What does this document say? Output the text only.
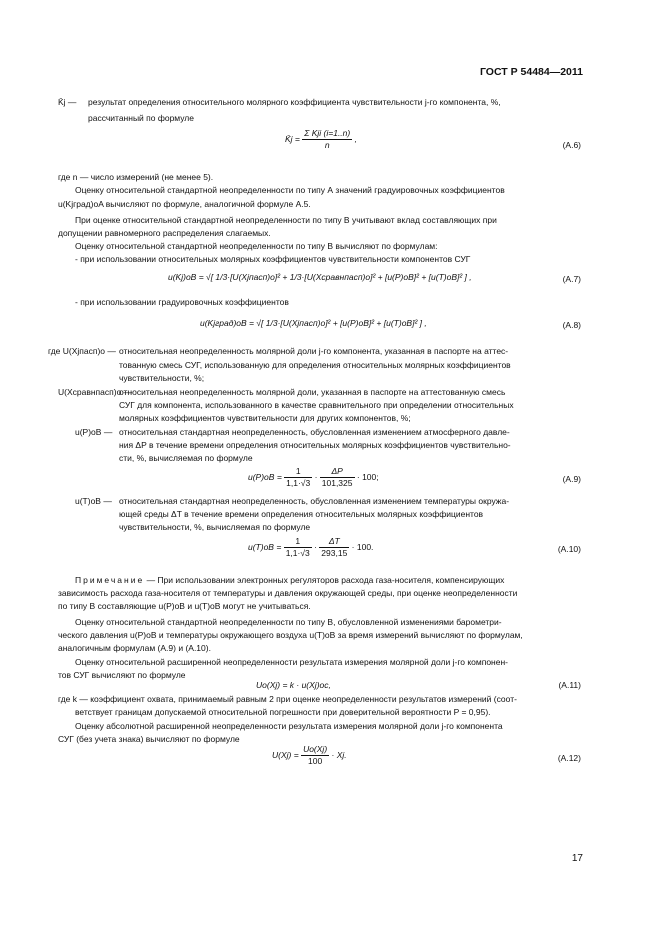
ГОСТ Р 54484—2011
K̄j — результат определения относительного молярного коэффициента чувствительности j-го компонента, %,
рассчитанный по формуле
K̄j = $\frac{\text{Σ Kji (i=1..n)}}{n}$ ,
(А.6)
где n — число измерений (не менее 5).
Оценку относительной стандартной неопределенности по типу А значений градуировочных коэффициентов
u(Kjград)oA вычисляют по формуле, аналогичной формуле А.5.
При оценке относительной стандартной неопределенности по типу В учитывают вклад составляющих при
допущении равномерного распределения слагаемых.
Оценку относительной стандартной неопределенности по типу В вычисляют по формулам:
- при использовании относительных молярных коэффициентов чувствительности компонентов СУГ
u(Kj)oB = √[ 1/3·[U(Xjпасп)o]² + 1/3·[U(Xсравнпасп)o]² + [u(P)oB]² + [u(T)oB]² ] ,	(А.7)
- при использовании градуировочных коэффициентов
u(Kjград)oB = √[ 1/3·[U(Xjпасп)o]² + [u(P)oB]² + [u(T)oB]² ] ,	(А.8)
где U(Xjпасп)o — относительная неопределенность молярной доли j-го компонента, указанная в паспорте на аттес-
тованную смесь СУГ, использованную для определения относительных молярных коэффициентов
чувствительности, %;
U(Xсравнпасп)o —
относительная неопределенность молярной доли, указанная в паспорте на аттестованную смесь
СУГ для компонента, использованного в качестве сравнительного при определении относительных
молярных коэффициентов чувствительности для других компонентов, %;
u(P)oB — относительная стандартная неопределенность, обусловленная изменением атмосферного давле-
ния ΔP в течение времени определения относительных молярных коэффициентов чувствительно-
сти, %, вычисляемая по формуле
$u(P)oB = \frac{1}{1,1\cdot√3} \cdot \frac{\Delta P}{101,325} \cdot 100$;	(А.9)
u(T)oB — относительная стандартная неопределенность, обусловленная изменением температуры окружа-
ющей среды ΔT в течение времени определения относительных молярных коэффициентов
чувствительности, %, вычисляемая по формуле
$u(T)oB = \frac{1}{1,1\cdot√3} \cdot \frac{\Delta T}{293,15} \cdot 100$.	(А.10)
Примечание — При использовании электронных регуляторов расхода газа-носителя, компенсирующих
зависимость расхода газа-носителя от температуры и давления окружающей среды, при оценке неопределенности
по типу В составляющие u(P)oB и u(T)oB могут не учитываться.
Оценку относительной стандартной неопределенности по типу В, обусловленной изменениями барометри-
ческого давления u(P)oB и температуры окружающего воздуха u(T)oB за время измерений вычисляют по формулам,
аналогичным формулам (А.9) и (А.10).
Оценку относительной расширенной неопределенности результата измерения молярной доли j-го компонен-
тов СУГ вычисляют по формуле
Uo(Xj) = k · u(Xj)oc,	(А.11)
где k — коэффициент охвата, принимаемый равным 2 при оценке неопределенности результатов измерений (соот-
ветствует границам допускаемой относительной погрешности при доверительной вероятности P = 0,95).
Оценку абсолютной расширенной неопределенности результата измерения молярной доли j-го компонента
СУГ (без учета знака) вычисляют по формуле
$U(Xj) = \frac{Uo(Xj)}{100} \cdot Xj$.	(А.12)
17
